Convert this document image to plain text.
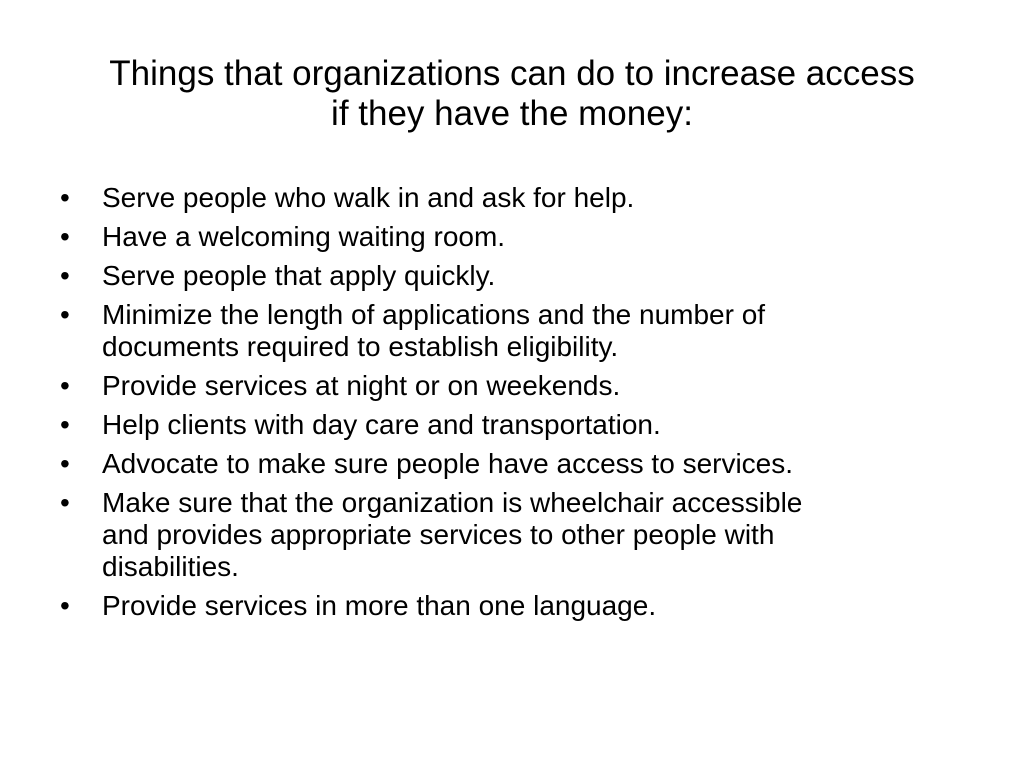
Things that organizations can do to increase access
if they have the money:
•	Serve people who walk in and ask for help.
•	Have a welcoming waiting room.
•	Serve people that apply quickly.
•	Minimize the length of applications and the number of
documents required to establish eligibility.
•	Provide services at night or on weekends.
•	Help clients with day care and transportation.
•	Advocate to make sure people have access to services.
•	Make sure that the organization is wheelchair accessible
and provides appropriate services to other people with
disabilities.
•	Provide services in more than one language.
